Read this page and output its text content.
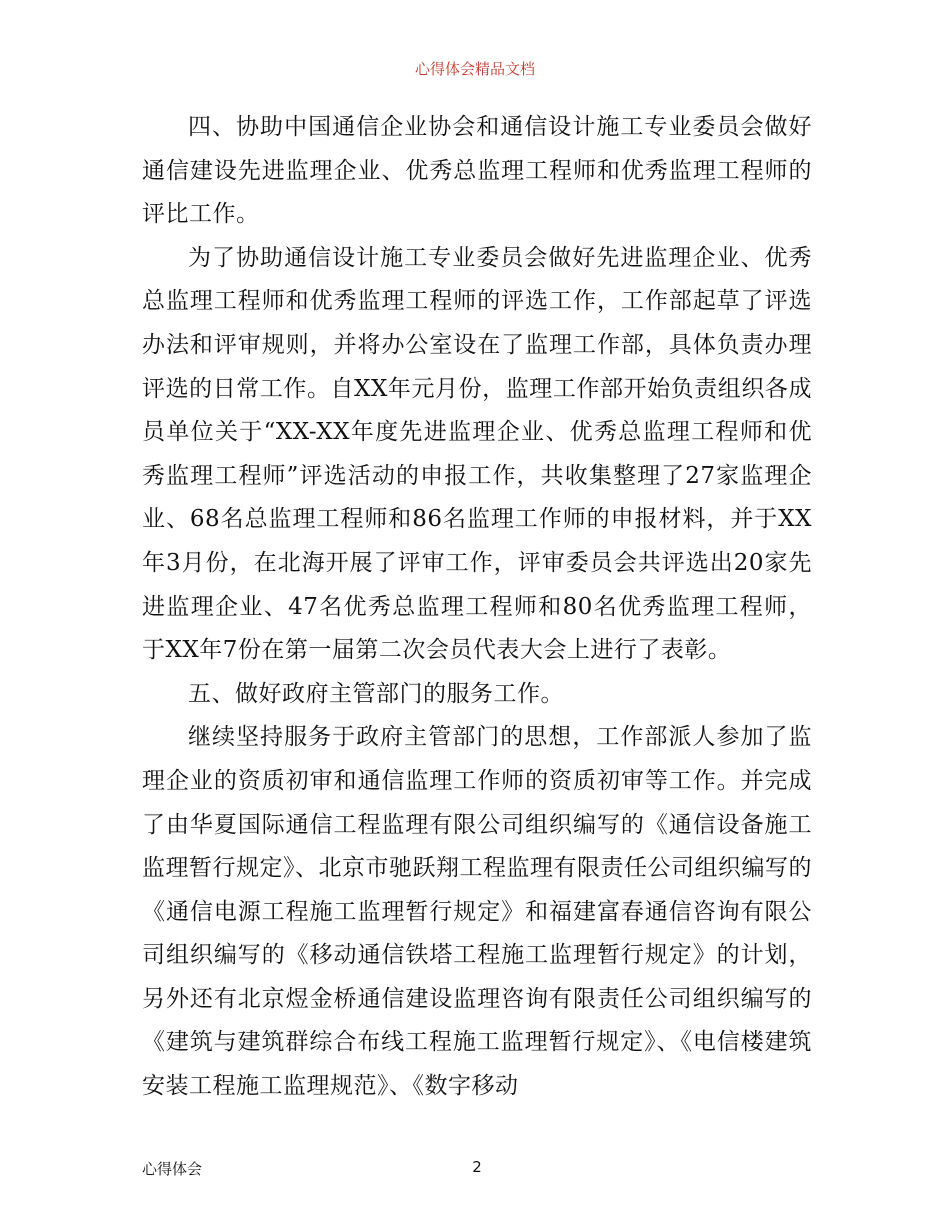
心得体会精品文档

四、协助中国通信企业协会和通信设计施工专业委员会做好通信建设先进监理企业、优秀总监理工程师和优秀监理工程师的评比工作。

为了协助通信设计施工专业委员会做好先进监理企业、优秀总监理工程师和优秀监理工程师的评选工作，工作部起草了评选办法和评审规则，并将办公室设在了监理工作部，具体负责办理评选的日常工作。自XX年元月份，监理工作部开始负责组织各成员单位关于“XX-XX年度先进监理企业、优秀总监理工程师和优秀监理工程师”评选活动的申报工作，共收集整理了27家监理企业、68名总监理工程师和86名监理工作师的申报材料，并于XX年3月份，在北海开展了评审工作，评审委员会共评选出20家先进监理企业、47名优秀总监理工程师和80名优秀监理工程师，于XX年7份在第一届第二次会员代表大会上进行了表彰。

五、做好政府主管部门的服务工作。

继续坚持服务于政府主管部门的思想，工作部派人参加了监理企业的资质初审和通信监理工作师的资质初审等工作。并完成了由华夏国际通信工程监理有限公司组织编写的《通信设备施工监理暂行规定》、北京市驰跃翔工程监理有限责任公司组织编写的《通信电源工程施工监理暂行规定》和福建富春通信咨询有限公司组织编写的《移动通信铁塔工程施工监理暂行规定》的计划，另外还有北京煜金桥通信建设监理咨询有限责任公司组织编写的《建筑与建筑群综合布线工程施工监理暂行规定》、《电信楼建筑安装工程施工监理规范》、《数字移动

心得体会	2
